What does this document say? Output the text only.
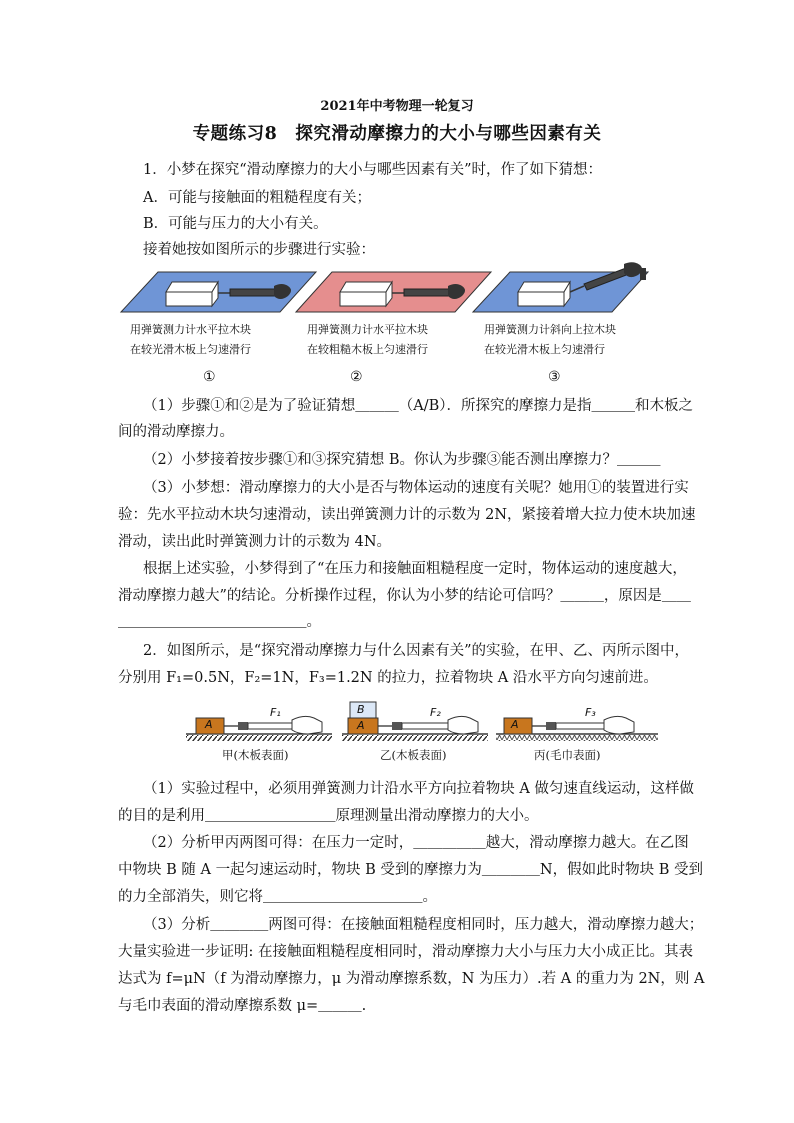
2021年中考物理一轮复习
专题练习8　探究滑动摩擦力的大小与哪些因素有关
1．小梦在探究“滑动摩擦力的大小与哪些因素有关”时，作了如下猜想：
A．可能与接触面的粗糙程度有关；
B．可能与压力的大小有关。
接着她按如图所示的步骤进行实验：
用弹簧测力计水平拉木块
在较光滑木板上匀速滑行
用弹簧测力计水平拉木块
在较粗糙木板上匀速滑行
用弹簧测力计斜向上拉木块
在较光滑木板上匀速滑行
①	②	③
（1）步骤①和②是为了验证猜想＿＿＿（A/B）．所探究的摩擦力是指＿＿＿和木板之
间的滑动摩擦力。
（2）小梦接着按步骤①和③探究猜想 B。你认为步骤③能否测出摩擦力？＿＿＿
（3）小梦想：滑动摩擦力的大小是否与物体运动的速度有关呢？她用①的装置进行实
验：先水平拉动木块匀速滑动，读出弹簧测力计的示数为 2N，紧接着增大拉力使木块加速
滑动，读出此时弹簧测力计的示数为 4N。
根据上述实验，小梦得到了“在压力和接触面粗糙程度一定时，物体运动的速度越大，
滑动摩擦力越大”的结论。分析操作过程，你认为小梦的结论可信吗？＿＿＿，原因是＿＿
＿＿＿＿＿＿＿＿＿＿＿＿＿。
2．如图所示，是“探究滑动摩擦力与什么因素有关”的实验，在甲、乙、丙所示图中，
分别用 F₁=0.5N，F₂=1N，F₃=1.2N 的拉力，拉着物块 A 沿水平方向匀速前进。
A
B
A	A
F₁	F₂	F₃
甲(木板表面)	乙(木板表面)	丙(毛巾表面)
（1）实验过程中，必须用弹簧测力计沿水平方向拉着物块 A 做匀速直线运动，这样做
的目的是利用＿＿＿＿＿＿＿＿＿原理测量出滑动摩擦力的大小。
（2）分析甲丙两图可得：在压力一定时，＿＿＿＿＿越大，滑动摩擦力越大。在乙图
中物块 B 随 A 一起匀速运动时，物块 B 受到的摩擦力为＿＿＿＿N，假如此时物块 B 受到
的力全部消失，则它将＿＿＿＿＿＿＿＿＿＿＿。
（3）分析＿＿＿＿两图可得：在接触面粗糙程度相同时，压力越大，滑动摩擦力越大；
大量实验进一步证明: 在接触面粗糙程度相同时，滑动摩擦力大小与压力大小成正比。其表
达式为 f=μN（f 为滑动摩擦力，μ 为滑动摩擦系数，N 为压力）.若 A 的重力为 2N，则 A
与毛巾表面的滑动摩擦系数 μ=＿＿＿.
